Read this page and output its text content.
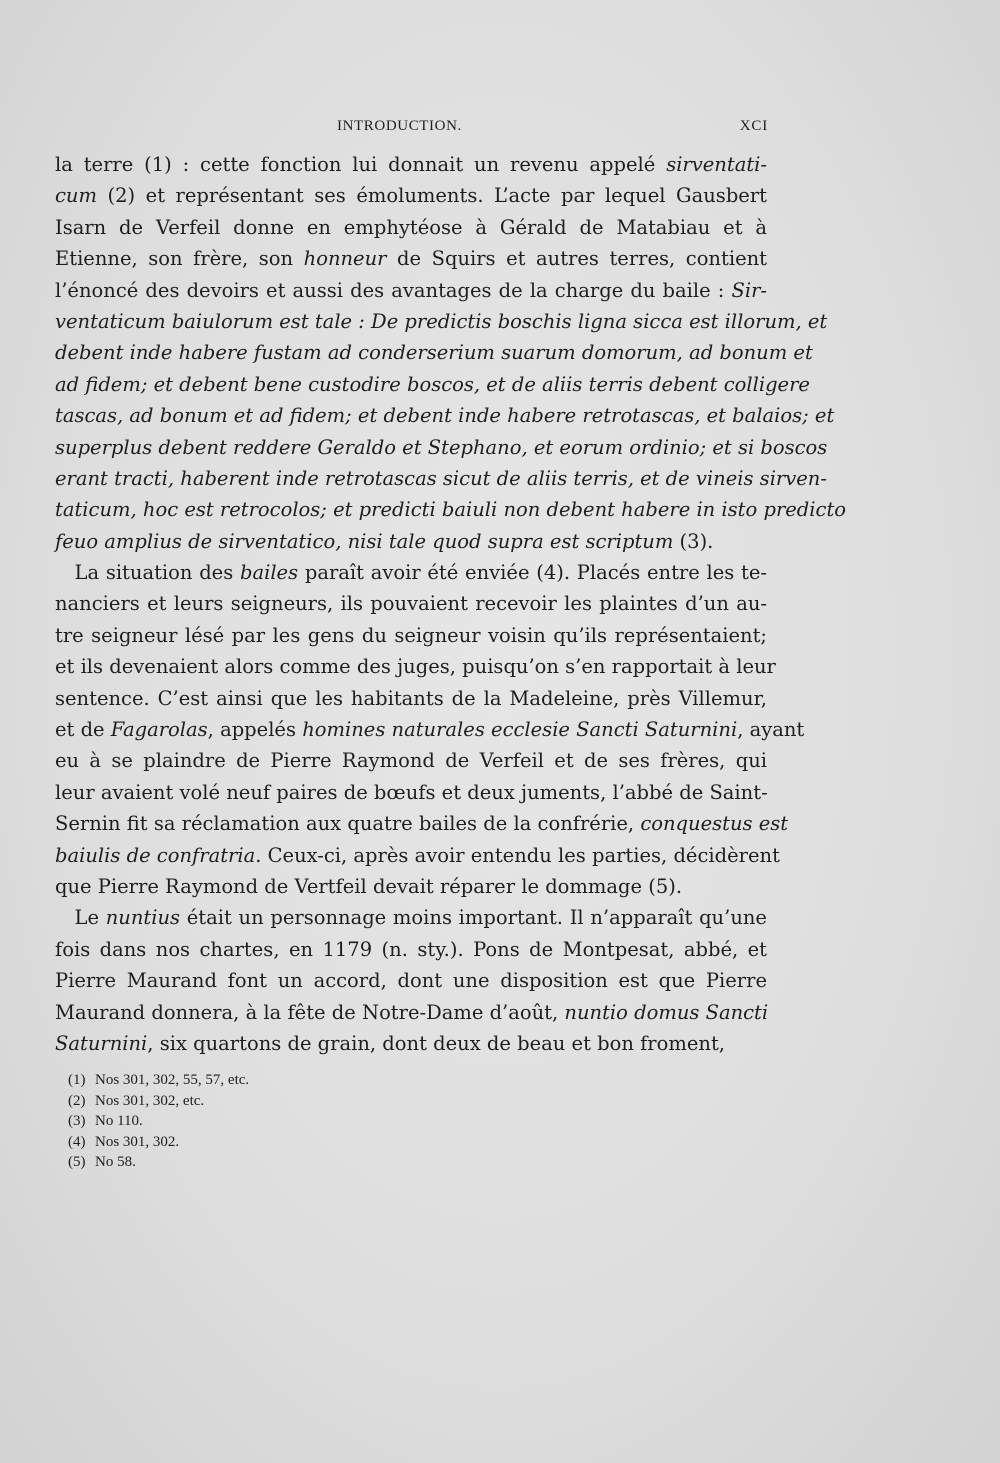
INTRODUCTION.	XCI
la terre (1) : cette fonction lui donnait un revenu appelé sirventati-
cum (2) et représentant ses émoluments. L’acte par lequel Gausbert
Isarn de Verfeil donne en emphytéose à Gérald de Matabiau et à
Etienne, son frère, son honneur de Squirs et autres terres, contient
l’énoncé des devoirs et aussi des avantages de la charge du baile : Sir-
ventaticum baiulorum est tale : De predictis boschis ligna sicca est illorum, et
debent inde habere fustam ad conderserium suarum domorum, ad bonum et
ad fidem; et debent bene custodire boscos, et de aliis terris debent colligere
tascas, ad bonum et ad fidem; et debent inde habere retrotascas, et balaios; et
superplus debent reddere Geraldo et Stephano, et eorum ordinio; et si boscos
erant tracti, haberent inde retrotascas sicut de aliis terris, et de vineis sirven-
taticum, hoc est retrocolos; et predicti baiuli non debent habere in isto predicto
feuo amplius de sirventatico, nisi tale quod supra est scriptum (3).
 La situation des bailes paraît avoir été enviée (4). Placés entre les te-
nanciers et leurs seigneurs, ils pouvaient recevoir les plaintes d’un au-
tre seigneur lésé par les gens du seigneur voisin qu’ils représentaient;
et ils devenaient alors comme des juges, puisqu’on s’en rapportait à leur
sentence. C’est ainsi que les habitants de la Madeleine, près Villemur,
et de Fagarolas, appelés homines naturales ecclesie Sancti Saturnini, ayant
eu à se plaindre de Pierre Raymond de Verfeil et de ses frères, qui
leur avaient volé neuf paires de bœufs et deux juments, l’abbé de Saint-
Sernin fit sa réclamation aux quatre bailes de la confrérie, conquestus est
baiulis de confratria. Ceux-ci, après avoir entendu les parties, décidèrent
que Pierre Raymond de Vertfeil devait réparer le dommage (5).
 Le nuntius était un personnage moins important. Il n’apparaît qu’une
fois dans nos chartes, en 1179 (n. sty.). Pons de Montpesat, abbé, et
Pierre Maurand font un accord, dont une disposition est que Pierre
Maurand donnera, à la fête de Notre-Dame d’août, nuntio domus Sancti
Saturnini, six quartons de grain, dont deux de beau et bon froment,
(1) Nos 301, 302, 55, 57, etc.
(2) Nos 301, 302, etc.
(3) No 110.
(4) Nos 301, 302.
(5) No 58.
